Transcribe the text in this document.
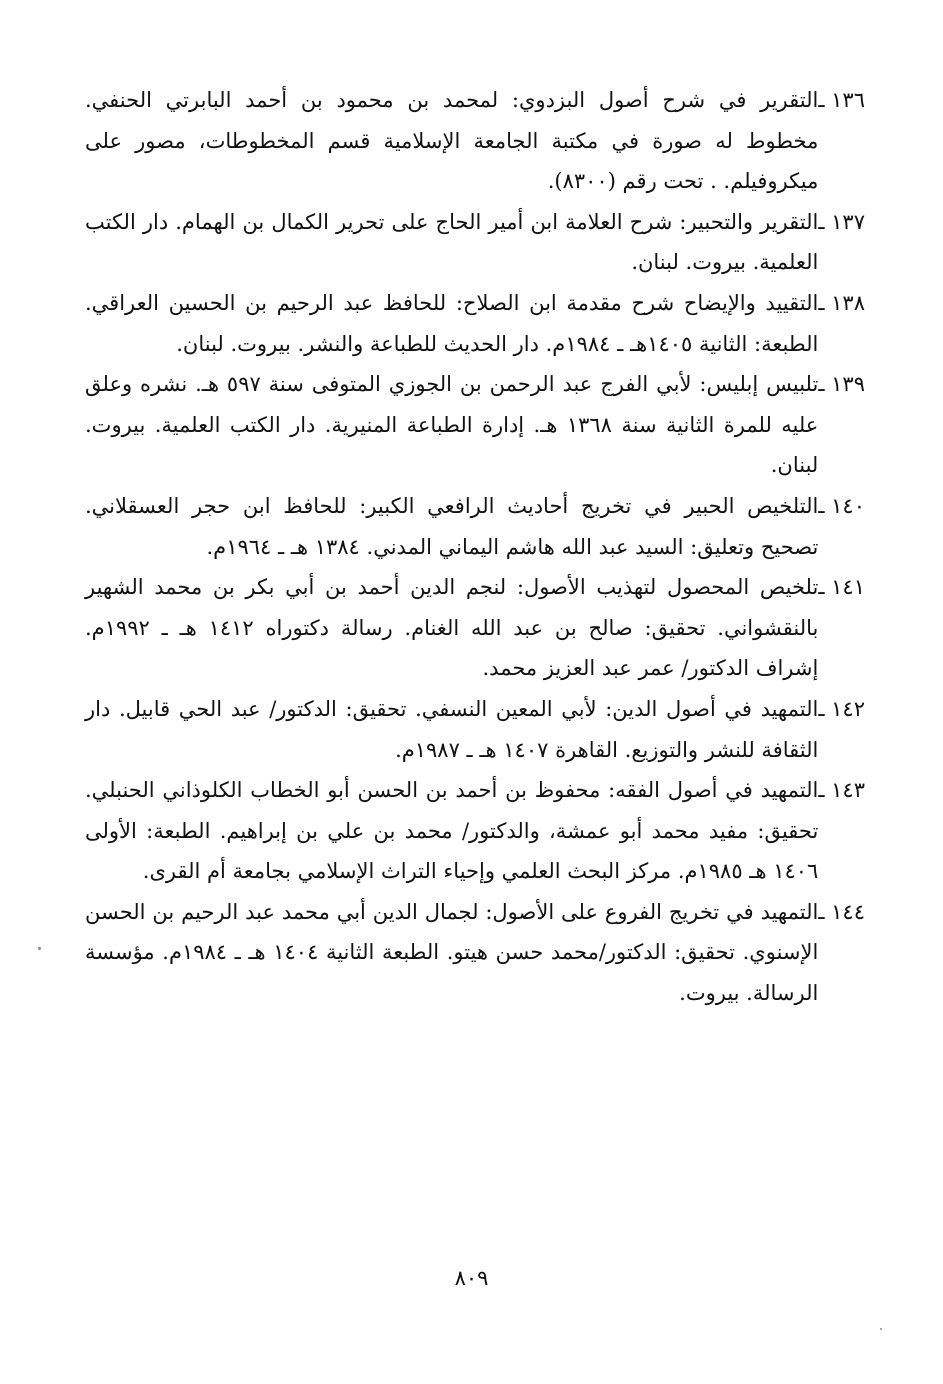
١٣٦ ـ
التقرير في شرح أصول البزدوي: لمحمد بن محمود بن أحمد البابرتي الحنفي. مخطوط له صورة في مكتبة الجامعة الإسلامية قسم المخطوطات، مصور على ميكروفيلم. . تحت رقم (٨٣٠٠).
١٣٧ ـ
التقرير والتحبير: شرح العلامة ابن أمير الحاج على تحرير الكمال بن الهمام. دار الكتب العلمية. بيروت. لبنان.
١٣٨ ـ
التقييد والإيضاح شرح مقدمة ابن الصلاح: للحافظ عبد الرحيم بن الحسين العراقي. الطبعة: الثانية ١٤٠٥هـ ـ ١٩٨٤م. دار الحديث للطباعة والنشر. بيروت. لبنان.
١٣٩ ـ
تلبيس إبليس: لأبي الفرج عبد الرحمن بن الجوزي المتوفى سنة ٥٩٧ هـ. نشره وعلق عليه للمرة الثانية سنة ١٣٦٨ هـ. إدارة الطباعة المنيرية. دار الكتب العلمية. بيروت. لبنان.
١٤٠ ـ
التلخيص الحبير في تخريج أحاديث الرافعي الكبير: للحافظ ابن حجر العسقلاني. تصحيح وتعليق: السيد عبد الله هاشم اليماني المدني. ١٣٨٤ هـ ـ ١٩٦٤م.
١٤١ ـ
تلخيص المحصول لتهذيب الأصول: لنجم الدين أحمد بن أبي بكر بن محمد الشهير بالنقشواني. تحقيق: صالح بن عبد الله الغنام. رسالة دكتوراه ١٤١٢ هـ ـ ١٩٩٢م. إشراف الدكتور/ عمر عبد العزيز محمد.
١٤٢ ـ
التمهيد في أصول الدين: لأبي المعين النسفي. تحقيق: الدكتور/ عبد الحي قابيل. دار الثقافة للنشر والتوزيع. القاهرة ١٤٠٧ هـ ـ ١٩٨٧م.
١٤٣ ـ
التمهيد في أصول الفقه: محفوظ بن أحمد بن الحسن أبو الخطاب الكلوذاني الحنبلي. تحقيق: مفيد محمد أبو عمشة، والدكتور/ محمد بن علي بن إبراهيم. الطبعة: الأولى ١٤٠٦ هـ ١٩٨٥م. مركز البحث العلمي وإحياء التراث الإسلامي بجامعة أم القرى.
١٤٤ ـ
التمهيد في تخريج الفروع على الأصول: لجمال الدين أبي محمد عبد الرحيم بن الحسن الإسنوي. تحقيق: الدكتور/محمد حسن هيتو. الطبعة الثانية ١٤٠٤ هـ ـ ١٩٨٤م. مؤسسة الرسالة. بيروت.
٨٠٩
